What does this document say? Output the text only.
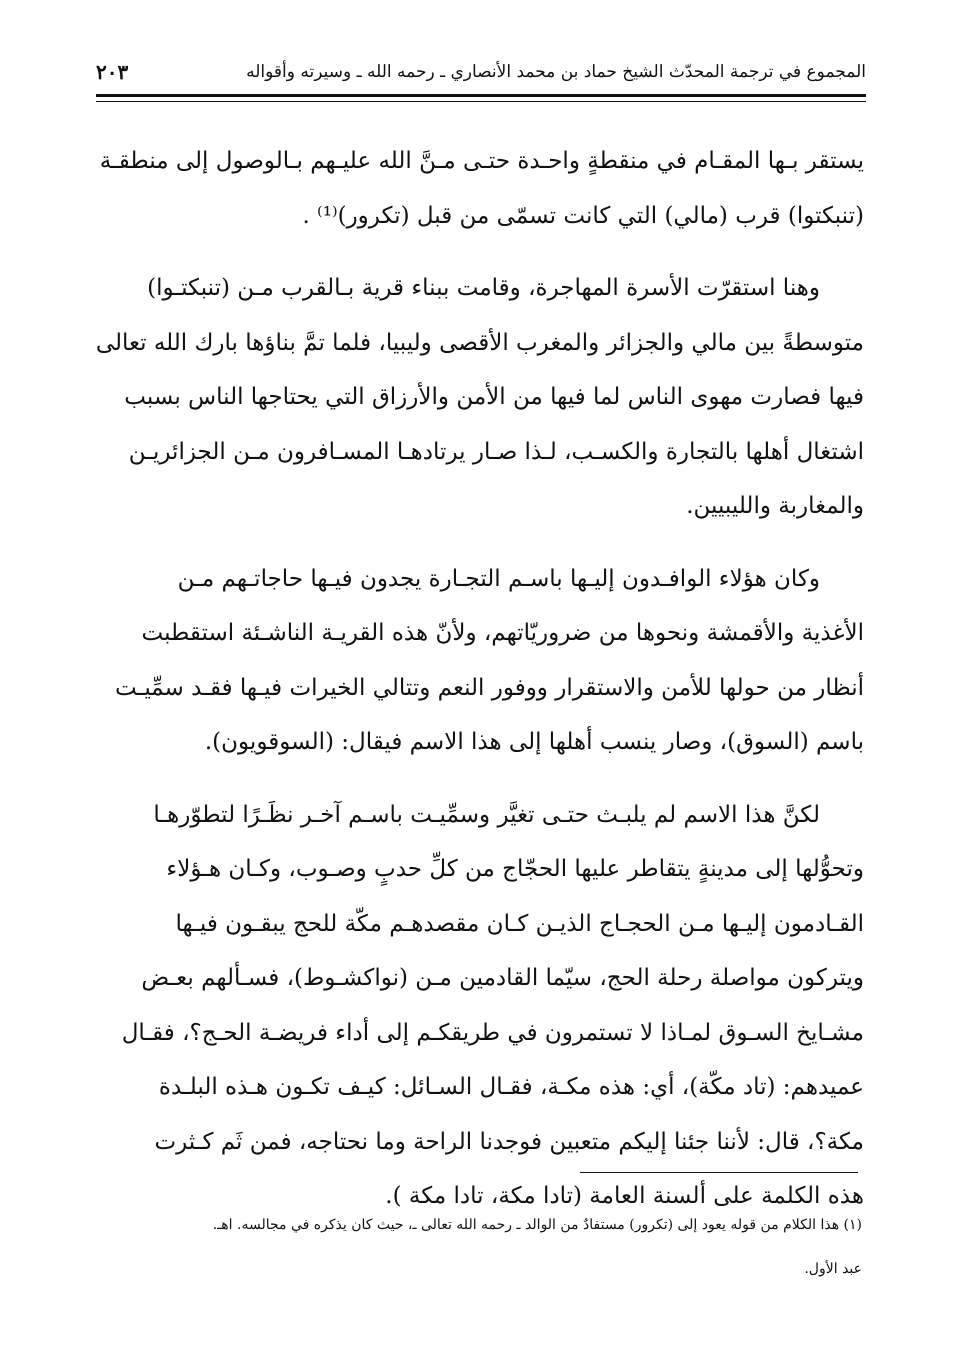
المجموع في ترجمة المحدّث الشيخ حماد بن محمد الأنصاري ـ رحمه الله ـ وسيرته وأقواله
٢٠٣

يستقر بـها المقـام في منقطةٍ واحـدة حتـى مـنَّ الله عليـهم بـالوصول إلى منطقـة
(تنبكتوا) قرب (مالي) التي كانت تسمّى من قبل (تكرور)⁽¹⁾ .

وهنا استقرّت الأسرة المهاجرة، وقامت ببناء قرية بـالقرب مـن (تنبكتـوا)
متوسطةً بين مالي والجزائر والمغرب الأقصى وليبيا، فلما تمَّ بناؤها بارك الله تعالى
فيها فصارت مهوى الناس لما فيها من الأمن والأرزاق التي يحتاجها الناس بسبب
اشتغال أهلها بالتجارة والكسـب، لـذا صـار يرتادهـا المسـافرون مـن الجزائريـن
والمغاربة والليبيين.

وكان هؤلاء الوافـدون إليـها باسـم التجـارة يجدون فيـها حاجاتـهم مـن
الأغذية والأقمشة ونحوها من ضروريّاتهم، ولأنّ هذه القريـة الناشـئة استقطبت
أنظار من حولها للأمن والاستقرار ووفور النعم وتتالي الخيرات فيـها فقـد سمِّيـت
باسم (السوق)، وصار ينسب أهلها إلى هذا الاسم فيقال: (السوقويون).

لكنَّ هذا الاسم لم يلبـث حتـى تغيَّر وسمِّيـت باسـم آخـر نظَـرًا لتطوّرهـا
وتحوُّلها إلى مدينةٍ يتقاطر عليها الحجّاج من كلِّ حدبٍ وصـوب، وكـان هـؤلاء
القـادمون إليـها مـن الحجـاج الذيـن كـان مقصدهـم مكّة للحج يبقـون فيـها
ويتركون مواصلة رحلة الحج، سيّما القادمين مـن (نواكشـوط)، فسـألهم بعـض
مشـايخ السـوق لمـاذا لا تستمرون في طريقكـم إلى أداء فريضـة الحـج؟، فقـال
عميدهم: (تاد مكّة)، أي: هذه مكـة، فقـال السـائل: كيـف تكـون هـذه البلـدة
مكة؟، قال: لأننا جئنا إليكم متعبين فوجدنا الراحة وما نحتاجه، فمن ثَم كـثرت
هذه الكلمة على ألسنة العامة (تادا مكة، تادا مكة ).

(١) هذا الكلام من قوله يعود إلى (تكرور) مستفادٌ من الوالد ـ رحمه الله تعالى ـ، حيث كان يذكره في مجالسه. اهـ.
عبد الأول.
